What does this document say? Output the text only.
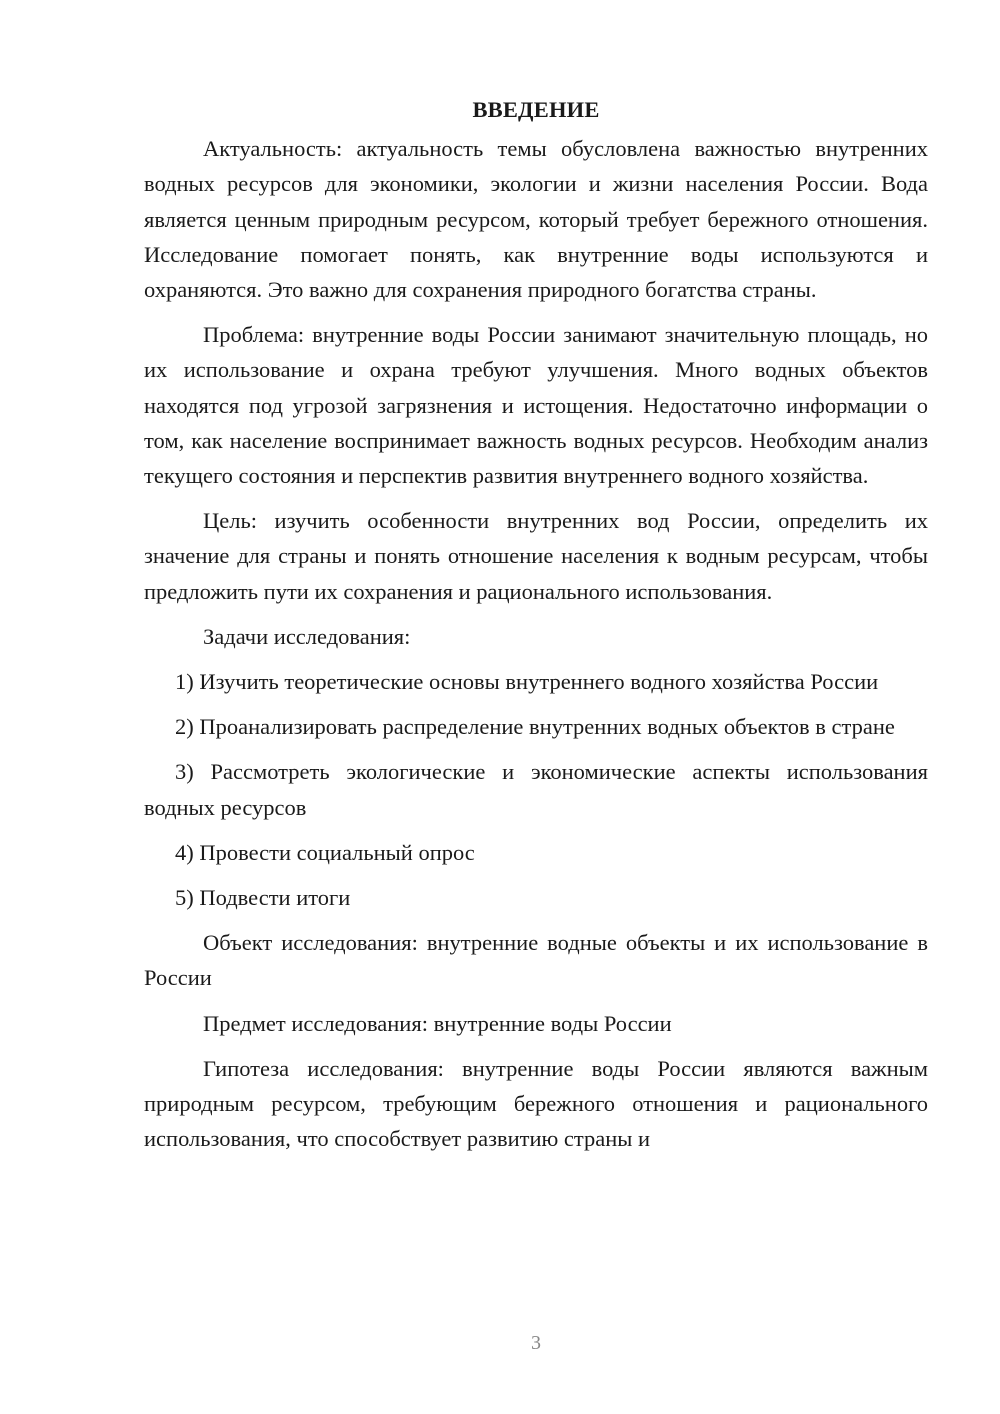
ВВЕДЕНИЕ

Актуальность: актуальность темы обусловлена важностью внутренних водных ресурсов для экономики, экологии и жизни населения России. Вода является ценным природным ресурсом, который требует бережного отношения. Исследование помогает понять, как внутренние воды используются и охраняются. Это важно для сохранения природного богатства страны.

Проблема: внутренние воды России занимают значительную площадь, но их использование и охрана требуют улучшения. Много водных объектов находятся под угрозой загрязнения и истощения. Недостаточно информации о том, как население воспринимает важность водных ресурсов. Необходим анализ текущего состояния и перспектив развития внутреннего водного хозяйства.

Цель: изучить особенности внутренних вод России, определить их значение для страны и понять отношение населения к водным ресурсам, чтобы предложить пути их сохранения и рационального использования.

Задачи исследования:

1) Изучить теоретические основы внутреннего водного хозяйства России

2) Проанализировать распределение внутренних водных объектов в стране

3) Рассмотреть экологические и экономические аспекты использования водных ресурсов

4) Провести социальный опрос

5) Подвести итоги

Объект исследования: внутренние водные объекты и их использование в России

Предмет исследования: внутренние воды России

Гипотеза исследования: внутренние воды России являются важным природным ресурсом, требующим бережного отношения и рационального использования, что способствует развитию страны и

3
